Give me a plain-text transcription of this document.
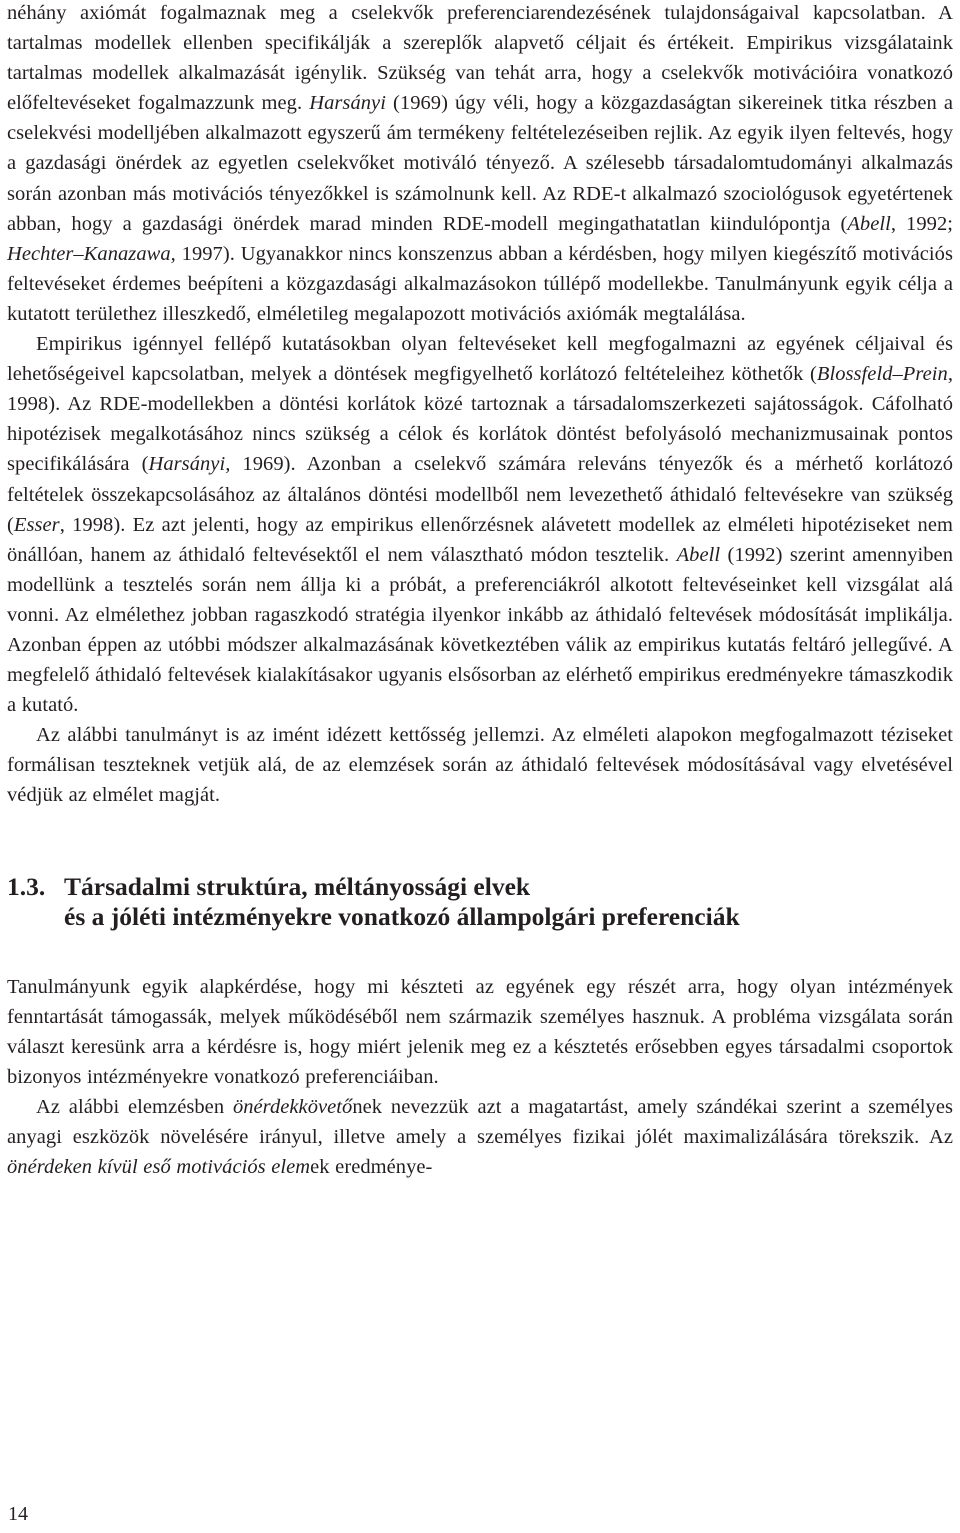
néhány axiómát fogalmaznak meg a cselekvők preferenciarendezésének tulajdonságaival kapcsolatban. A tartalmas modellek ellenben specifikálják a szereplők alapvető céljait és értékeit. Empirikus vizsgálataink tartalmas modellek alkalmazását igénylik. Szükség van tehát arra, hogy a cselekvők motivációira vonatkozó előfeltevéseket fogalmazzunk meg. Harsányi (1969) úgy véli, hogy a közgazdaságtan sikereinek titka részben a cselekvési modelljében alkalmazott egyszerű ám termékeny feltételezéseiben rejlik. Az egyik ilyen feltevés, hogy a gazdasági önérdek az egyetlen cselekvőket motiváló tényező. A szélesebb társadalomtudományi alkalmazás során azonban más motivációs tényezőkkel is számolnunk kell. Az RDE-t alkalmazó szociológusok egyetértenek abban, hogy a gazdasági önérdek marad minden RDE-modell megingathatatlan kiindulópontja (Abell, 1992; Hechter–Kanazawa, 1997). Ugyanakkor nincs konszenzus abban a kérdésben, hogy milyen kiegészítő motivációs feltevéseket érdemes beépíteni a közgazdasági alkalmazásokon túllépő modellekbe. Tanulmányunk egyik célja a kutatott területhez illeszkedő, elméletileg megalapozott motivációs axiómák megtalálása.

Empirikus igénnyel fellépő kutatásokban olyan feltevéseket kell megfogalmazni az egyének céljaival és lehetőségeivel kapcsolatban, melyek a döntések megfigyelhető korlátozó feltételeihez köthetők (Blossfeld–Prein, 1998). Az RDE-modellekben a döntési korlátok közé tartoznak a társadalomszerkezeti sajátosságok. Cáfolható hipotézisek megalkotásához nincs szükség a célok és korlátok döntést befolyásoló mechanizmusainak pontos specifikálására (Harsányi, 1969). Azonban a cselekvő számára releváns tényezők és a mérhető korlátozó feltételek összekapcsolásához az általános döntési modellből nem levezethető áthidaló feltevésekre van szükség (Esser, 1998). Ez azt jelenti, hogy az empirikus ellenőrzésnek alávetett modellek az elméleti hipotéziseket nem önállóan, hanem az áthidaló feltevésektől el nem választható módon tesztelik. Abell (1992) szerint amennyiben modellünk a tesztelés során nem állja ki a próbát, a preferenciákról alkotott feltevéseinket kell vizsgálat alá vonni. Az elmélethez jobban ragaszkodó stratégia ilyenkor inkább az áthidaló feltevések módosítását implikálja. Azonban éppen az utóbbi módszer alkalmazásának következtében válik az empirikus kutatás feltáró jellegűvé. A megfelelő áthidaló feltevések kialakításakor ugyanis elsősorban az elérhető empirikus eredményekre támaszkodik a kutató.

Az alábbi tanulmányt is az imént idézett kettősség jellemzi. Az elméleti alapokon megfogalmazott téziseket formálisan teszteknek vetjük alá, de az elemzések során az áthidaló feltevések módosításával vagy elvetésével védjük az elmélet magját.

1.3. Társadalmi struktúra, méltányossági elvek
és a jóléti intézményekre vonatkozó állampolgári preferenciák

Tanulmányunk egyik alapkérdése, hogy mi készteti az egyének egy részét arra, hogy olyan intézmények fenntartását támogassák, melyek működéséből nem származik személyes hasznuk. A probléma vizsgálata során választ keresünk arra a kérdésre is, hogy miért jelenik meg ez a késztetés erősebben egyes társadalmi csoportok bizonyos intézményekre vonatkozó preferenciáiban.

Az alábbi elemzésben önérdekkövetőnek nevezzük azt a magatartást, amely szándékai szerint a személyes anyagi eszközök növelésére irányul, illetve amely a személyes fizikai jólét maximalizálására törekszik. Az önérdeken kívül eső motivációs elemek eredménye-

14
